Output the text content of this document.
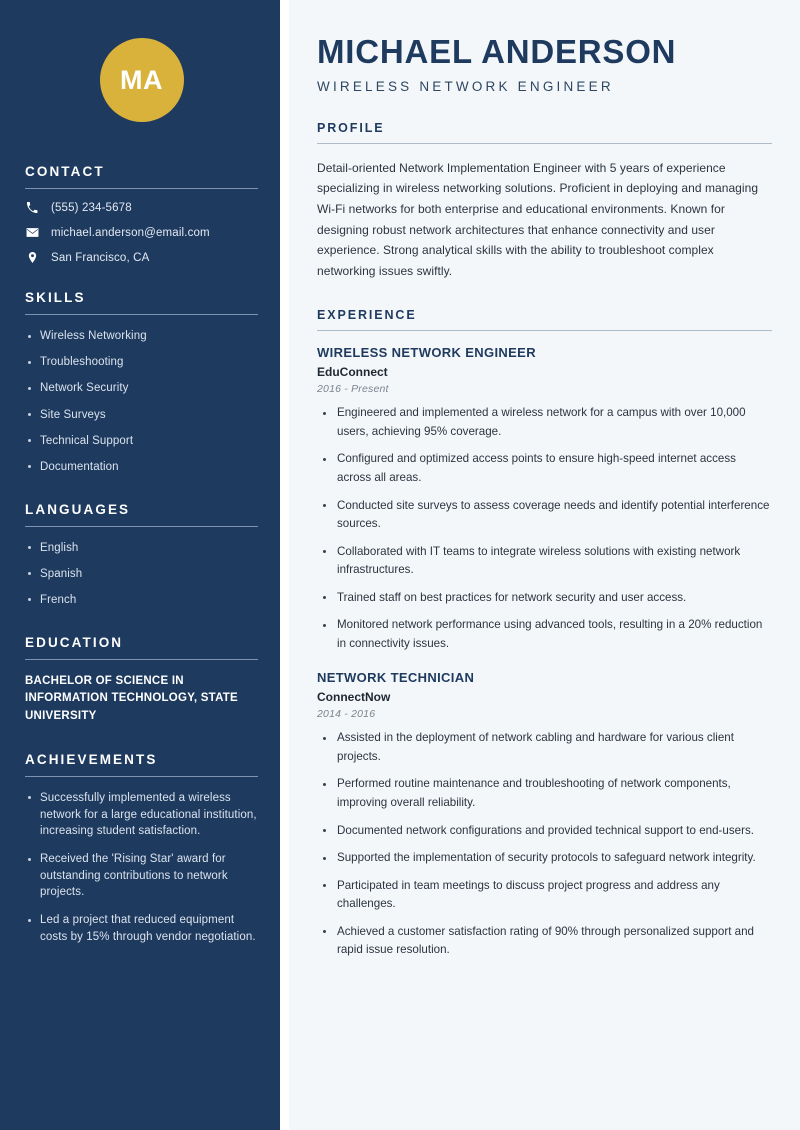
MA
CONTACT
(555) 234-5678
michael.anderson@email.com
San Francisco, CA
SKILLS
Wireless Networking
Troubleshooting
Network Security
Site Surveys
Technical Support
Documentation
LANGUAGES
English
Spanish
French
EDUCATION
BACHELOR OF SCIENCE IN INFORMATION TECHNOLOGY, STATE UNIVERSITY
ACHIEVEMENTS
Successfully implemented a wireless network for a large educational institution, increasing student satisfaction.
Received the 'Rising Star' award for outstanding contributions to network projects.
Led a project that reduced equipment costs by 15% through vendor negotiation.
MICHAEL ANDERSON
WIRELESS NETWORK ENGINEER
PROFILE

Detail-oriented Network Implementation Engineer with 5 years of experience specializing in wireless networking solutions. Proficient in deploying and managing Wi-Fi networks for both enterprise and educational environments. Known for designing robust network architectures that enhance connectivity and user experience. Strong analytical skills with the ability to troubleshoot complex networking issues swiftly.

EXPERIENCE
WIRELESS NETWORK ENGINEER
EduConnect
2016 - Present
Engineered and implemented a wireless network for a campus with over 10,000 users, achieving 95% coverage.
Configured and optimized access points to ensure high-speed internet access across all areas.
Conducted site surveys to assess coverage needs and identify potential interference sources.
Collaborated with IT teams to integrate wireless solutions with existing network infrastructures.
Trained staff on best practices for network security and user access.
Monitored network performance using advanced tools, resulting in a 20% reduction in connectivity issues.
NETWORK TECHNICIAN
ConnectNow
2014 - 2016
Assisted in the deployment of network cabling and hardware for various client projects.
Performed routine maintenance and troubleshooting of network components, improving overall reliability.
Documented network configurations and provided technical support to end-users.
Supported the implementation of security protocols to safeguard network integrity.
Participated in team meetings to discuss project progress and address any challenges.
Achieved a customer satisfaction rating of 90% through personalized support and rapid issue resolution.
